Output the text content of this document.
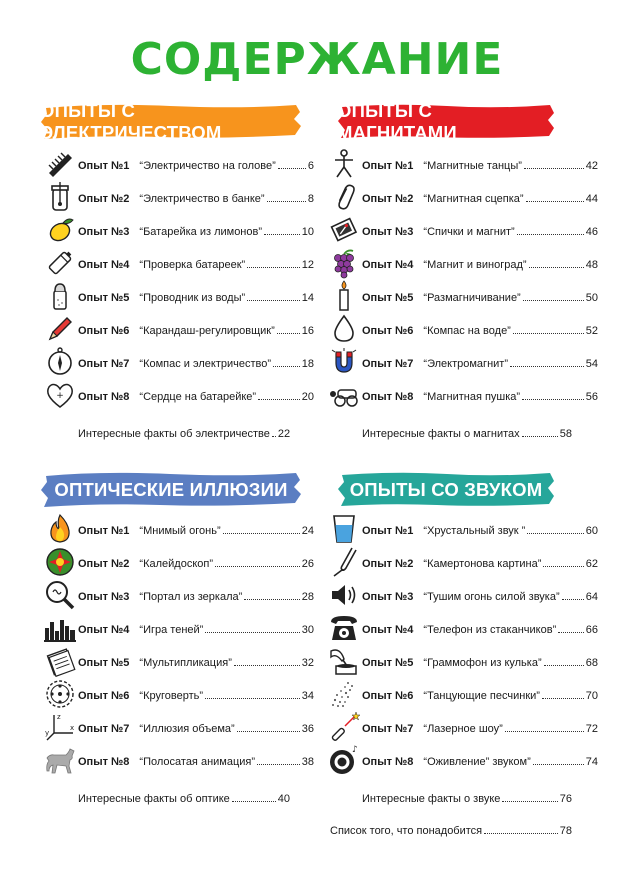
СОДЕРЖАНИЕ
ОПЫТЫ С ЭЛЕКТРИЧЕСТВОМ
ОПЫТЫ С МАГНИТАМИ
ОПТИЧЕСКИЕ ИЛЛЮЗИИ	ОПЫТЫ СО ЗВУКОМ
Опыт №1 “Электричество на голове”	6
Опыт №2 “Электричество в банке”	8
Опыт №3 “Батарейка из лимонов”	10
Опыт №4 “Проверка батареек”	12
Опыт №5 “Проводник из воды”	14
Опыт №6 “Карандаш-регулировщик” 16
Опыт №7 “Компас и электричество”	18
+ Опыт №8 “Сердце на батарейке”	20
Интересные факты об электричестве 22
Опыт №1 “Магнитные танцы”	42
Опыт №2 “Магнитная сцепка”	44
Опыт №3 “Спички и магнит”	46
Опыт №4 “Магнит и виноград”	48
Опыт №5 “Размагничивание”	50
Опыт №6 “Компас на воде”	52
Опыт №7 “Электромагнит”	54
Опыт №8 “Магнитная пушка”	56
Интересные факты о магнитах	58
Опыт №1 “Мнимый огонь”	24
Опыт №2 “Калейдоскоп”	26
Опыт №3 “Портал из зеркала”	28
Опыт №4 “Игра теней”	30
Опыт №5 “Мультипликация”	32
Опыт №6 “Круговерть”	34
z
x
y	Опыт №7 “Иллюзия объема”	36
Опыт №8 “Полосатая анимация”	38
Интересные факты об оптике	40
Опыт №1 “Хрустальный звук ”	60
Опыт №2 “Камертонова картина”	62
Опыт №3 “Тушим огонь силой звука” 64
Опыт №4 “Телефон из стаканчиков”	66
Опыт №5 “Граммофон из кулька”	68
Опыт №6 “Танцующие песчинки”	70
Опыт №7 “Лазерное шоу”	72
♪
Опыт №8 “Оживление” звуком”	74
Интересные факты о звуке	76
Список того, что понадобится	78
